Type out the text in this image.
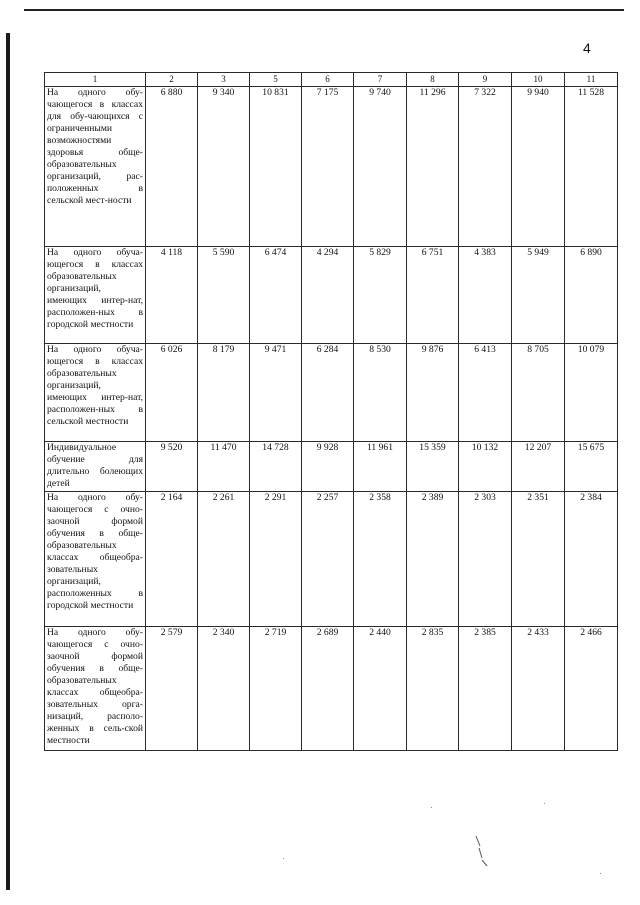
4
1	2	3	5	6	7	8	9	10	11
На одного обу-чающегося в классах для обу-чающихся с ограниченными возможностями здоровья обще-образовательных организаций, рас-положенных в сельской мест-ности	6 880	9 340	10 831	7 175	9 740	11 296	7 322	9 940	11 528
На одного обуча-ющегося в классах образовательных организаций, имеющих интер-нат, расположен-ных в городской местности	4 118	5 590	6 474	4 294	5 829	6 751	4 383	5 949	6 890
На одного обуча-ющегося в классах образовательных организаций, имеющих интер-нат, расположен-ных в сельской местности	6 026	8 179	9 471	6 284	8 530	9 876	6 413	8 705	10 079
Индивидуальное обучение для длительно болеющих детей	9 520	11 470	14 728	9 928	11 961	15 359	10 132	12 207	15 675
На одного обу-чающегося с очно-заочной формой обучения в обще-образовательных классах общеобра-зовательных организаций, расположенных в городской местности	2 164	2 261	2 291	2 257	2 358	2 389	2 303	2 351	2 384
На одного обу-чающегося с очно-заочной формой обучения в обще-образовательных классах общеобра-зовательных орга-низаций, располо-женных в сель-ской местности	2 579	2 340	2 719	2 689	2 440	2 835	2 385	2 433	2 466
